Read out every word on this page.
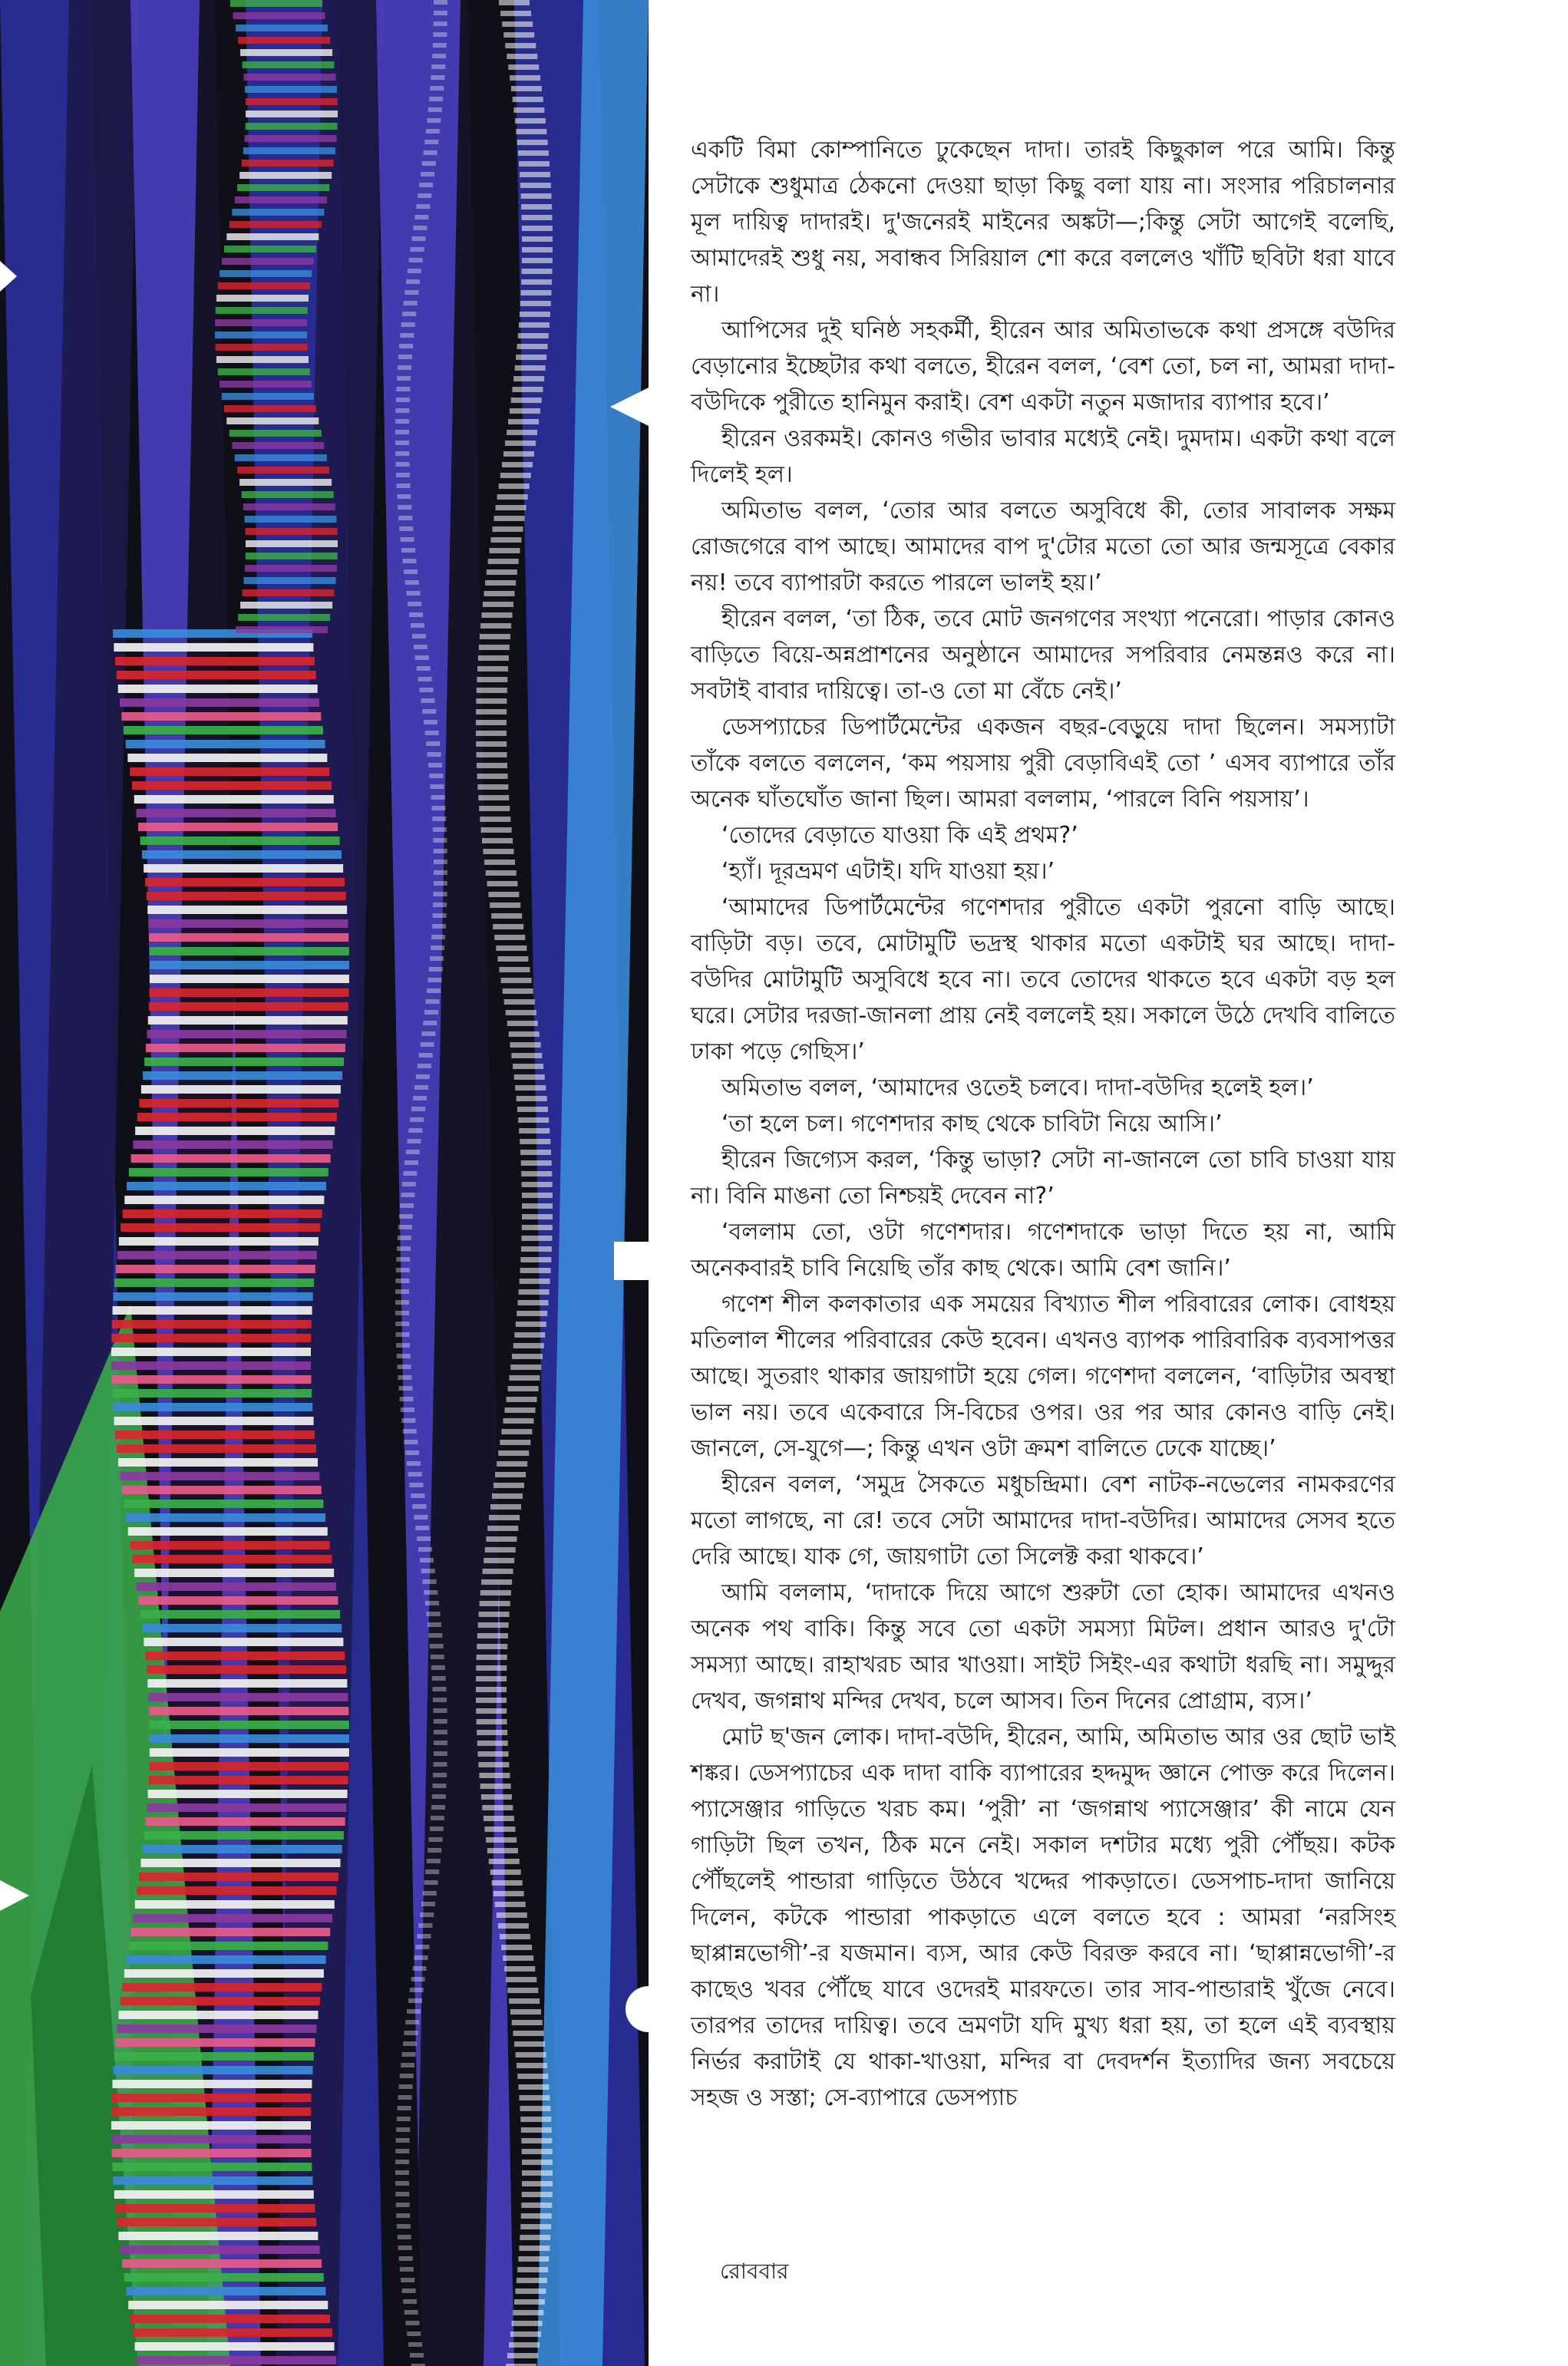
একটি বিমা কোম্পানিতে ঢুকেছেন দাদা। তারই কিছুকাল পরে আমি। কিন্তু সেটাকে শুধুমাত্র ঠেকনো দেওয়া ছাড়া কিছু বলা যায় না। সংসার পরিচালনার মূল দায়িত্ব দাদারই। দু'জনেরই মাইনের অঙ্কটা—;কিন্তু সেটা আগেই বলেছি, আমাদেরই শুধু নয়, সবান্ধব সিরিয়াল শো করে বললেও খাঁটি ছবিটা ধরা যাবে না।

আপিসের দুই ঘনিষ্ঠ সহকর্মী, হীরেন আর অমিতাভকে কথা প্রসঙ্গে বউদির বেড়ানোর ইচ্ছেটার কথা বলতে, হীরেন বলল, ‘বেশ তো, চল না, আমরা দাদা-বউদিকে পুরীতে হানিমুন করাই। বেশ একটা নতুন মজাদার ব্যাপার হবে।’

হীরেন ওরকমই। কোনও গভীর ভাবার মধ্যেই নেই। দুমদাম। একটা কথা বলে দিলেই হল।

অমিতাভ বলল, ‘তোর আর বলতে অসুবিধে কী, তোর সাবালক সক্ষম রোজগেরে বাপ আছে। আমাদের বাপ দু'টোর মতো তো আর জন্মসূত্রে বেকার নয়! তবে ব্যাপারটা করতে পারলে ভালই হয়।’

হীরেন বলল, ‘তা ঠিক, তবে মোট জনগণের সংখ্যা পনেরো। পাড়ার কোনও বাড়িতে বিয়ে-অন্নপ্রাশনের অনুষ্ঠানে আমাদের সপরিবার নেমন্তন্নও করে না। সবটাই বাবার দায়িত্বে। তা-ও তো মা বেঁচে নেই।’

ডেসপ্যাচের ডিপার্টমেন্টের একজন বছর-বেড়ুয়ে দাদা ছিলেন। সমস্যাটা তাঁকে বলতে বললেন, ‘কম পয়সায় পুরী বেড়াবিএই তো ’ এসব ব্যাপারে তাঁর অনেক ঘাঁতঘোঁত জানা ছিল। আমরা বললাম, ‘পারলে বিনি পয়সায়’।

‘তোদের বেড়াতে যাওয়া কি এই প্রথম?’

‘হ্যাঁ। দূরভ্রমণ এটাই। যদি যাওয়া হয়।’

‘আমাদের ডিপার্টমেন্টের গণেশদার পুরীতে একটা পুরনো বাড়ি আছে। বাড়িটা বড়। তবে, মোটামুটি ভদ্রস্থ থাকার মতো একটাই ঘর আছে। দাদা-বউদির মোটামুটি অসুবিধে হবে না। তবে তোদের থাকতে হবে একটা বড় হল ঘরে। সেটার দরজা-জানলা প্রায় নেই বললেই হয়। সকালে উঠে দেখবি বালিতে ঢাকা পড়ে গেছিস।’

অমিতাভ বলল, ‘আমাদের ওতেই চলবে। দাদা-বউদির হলেই হল।’

‘তা হলে চল। গণেশদার কাছ থেকে চাবিটা নিয়ে আসি।’

হীরেন জিগ্যেস করল, ‘কিন্তু ভাড়া? সেটা না-জানলে তো চাবি চাওয়া যায় না। বিনি মাঙনা তো নিশ্চয়ই দেবেন না?’

‘বললাম তো, ওটা গণেশদার। গণেশদাকে ভাড়া দিতে হয় না, আমি অনেকবারই চাবি নিয়েছি তাঁর কাছ থেকে। আমি বেশ জানি।’

গণেশ শীল কলকাতার এক সময়ের বিখ্যাত শীল পরিবারের লোক। বোধহয় মতিলাল শীলের পরিবারের কেউ হবেন। এখনও ব্যাপক পারিবারিক ব্যবসাপত্তর আছে। সুতরাং থাকার জায়গাটা হয়ে গেল। গণেশদা বললেন, ‘বাড়িটার অবস্থা ভাল নয়। তবে একেবারে সি-বিচের ওপর। ওর পর আর কোনও বাড়ি নেই। জানলে, সে-যুগে—; কিন্তু এখন ওটা ক্রমশ বালিতে ঢেকে যাচ্ছে।’

হীরেন বলল, ‘সমুদ্র সৈকতে মধুচন্দ্রিমা। বেশ নাটক-নভেলের নামকরণের মতো লাগছে, না রে! তবে সেটা আমাদের দাদা-বউদির। আমাদের সেসব হতে দেরি আছে। যাক গে, জায়গাটা তো সিলেক্ট করা থাকবে।’

আমি বললাম, ‘দাদাকে দিয়ে আগে শুরুটা তো হোক। আমাদের এখনও অনেক পথ বাকি। কিন্তু সবে তো একটা সমস্যা মিটল। প্রধান আরও দু'টো সমস্যা আছে। রাহাখরচ আর খাওয়া। সাইট সিইং-এর কথাটা ধরছি না। সমুদ্দুর দেখব, জগন্নাথ মন্দির দেখব, চলে আসব। তিন দিনের প্রোগ্রাম, ব্যস।’

মোট ছ'জন লোক। দাদা-বউদি, হীরেন, আমি, অমিতাভ আর ওর ছোট ভাই শঙ্কর। ডেসপ্যাচের এক দাদা বাকি ব্যাপারের হদ্দমুদ্দ জ্ঞানে পোক্ত করে দিলেন। প্যাসেঞ্জার গাড়িতে খরচ কম। ‘পুরী’ না ‘জগন্নাথ প্যাসেঞ্জার’ কী নামে যেন গাড়িটা ছিল তখন, ঠিক মনে নেই। সকাল দশটার মধ্যে পুরী পৌঁছয়। কটক পৌঁছলেই পান্ডারা গাড়িতে উঠবে খদ্দের পাকড়াতে। ডেসপাচ-দাদা জানিয়ে দিলেন, কটকে পান্ডারা পাকড়াতে এলে বলতে হবে : আমরা ‘নরসিংহ ছাপ্পান্নভোগী’-র যজমান। ব্যস, আর কেউ বিরক্ত করবে না। ‘ছাপ্পান্নভোগী’-র কাছেও খবর পৌঁছে যাবে ওদেরই মারফতে। তার সাব-পান্ডারাই খুঁজে নেবে। তারপর তাদের দায়িত্ব। তবে ভ্রমণটা যদি মুখ্য ধরা হয়, তা হলে এই ব্যবস্থায় নির্ভর করাটাই যে থাকা-খাওয়া, মন্দির বা দেবদর্শন ইত্যাদির জন্য সবচেয়ে সহজ ও সস্তা; সে-ব্যাপারে ডেসপ্যাচ

রোববার
